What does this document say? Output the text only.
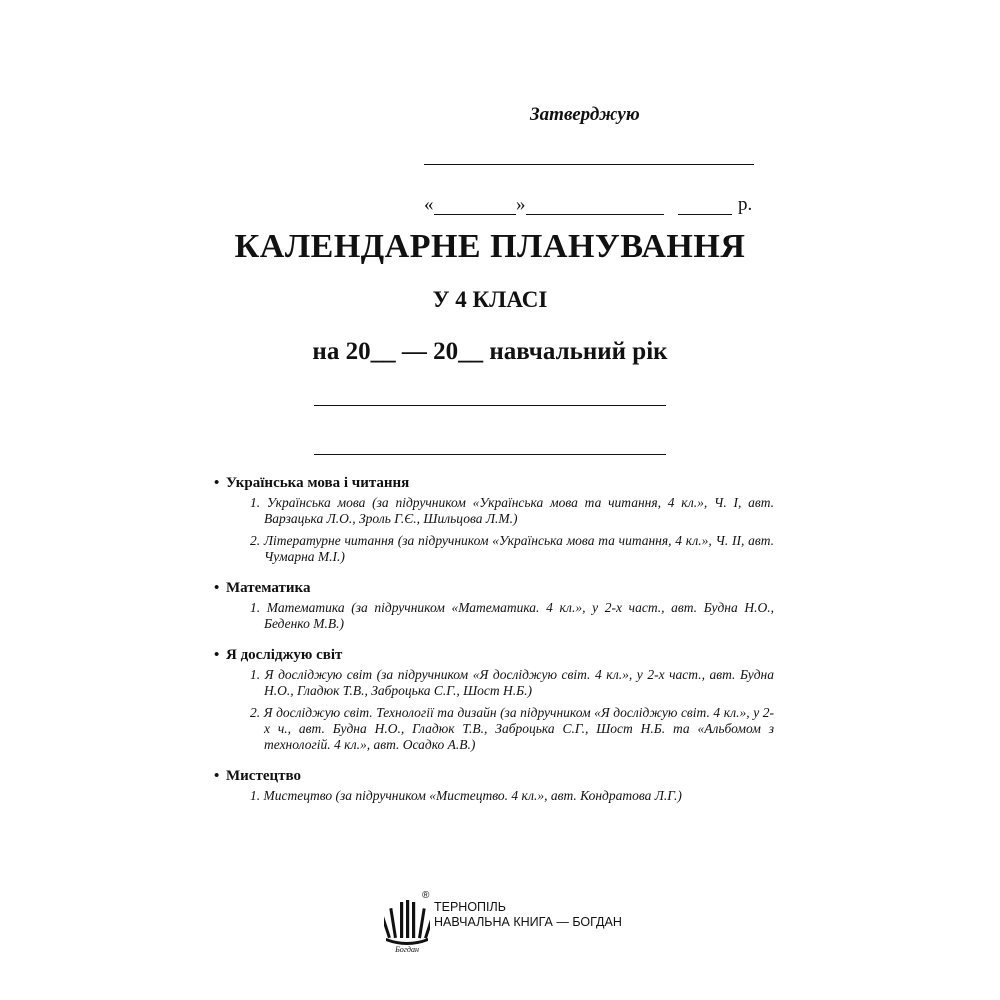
Затверджую
«	»	р.
КАЛЕНДАРНЕ ПЛАНУВАННЯ
У 4 КЛАСІ
на 20__ — 20__ навчальний рік
• Українська мова і читання
1. Українська мова (за підручником «Українська мова та читання, 4 кл.», Ч. І, авт. Варзацька Л.О., Зроль Г.Є., Шильцова Л.М.)
2. Літературне читання (за підручником «Українська мова та читання, 4 кл.», Ч. ІІ, авт. Чумарна М.І.)
• Математика
1. Математика (за підручником «Математика. 4 кл.», у 2-х част., авт. Будна Н.О., Беденко М.В.)
• Я досліджую світ
1. Я досліджую світ (за підручником «Я досліджую світ. 4 кл.», у 2-х част., авт. Будна Н.О., Гладюк Т.В., Заброцька С.Г., Шост Н.Б.)
2. Я досліджую світ. Технології та дизайн (за підручником «Я досліджую світ. 4 кл.», у 2-х ч., авт. Будна Н.О., Гладюк Т.В., Заброцька С.Г., Шост Н.Б. та «Альбомом з технологій. 4 кл.», авт. Осадко А.В.)
• Мистецтво
1. Мистецтво (за підручником «Мистецтво. 4 кл.», авт. Кондратова Л.Г.)
Богдан
®
ТЕРНОПІЛЬ
НАВЧАЛЬНА КНИГА — БОГДАН
